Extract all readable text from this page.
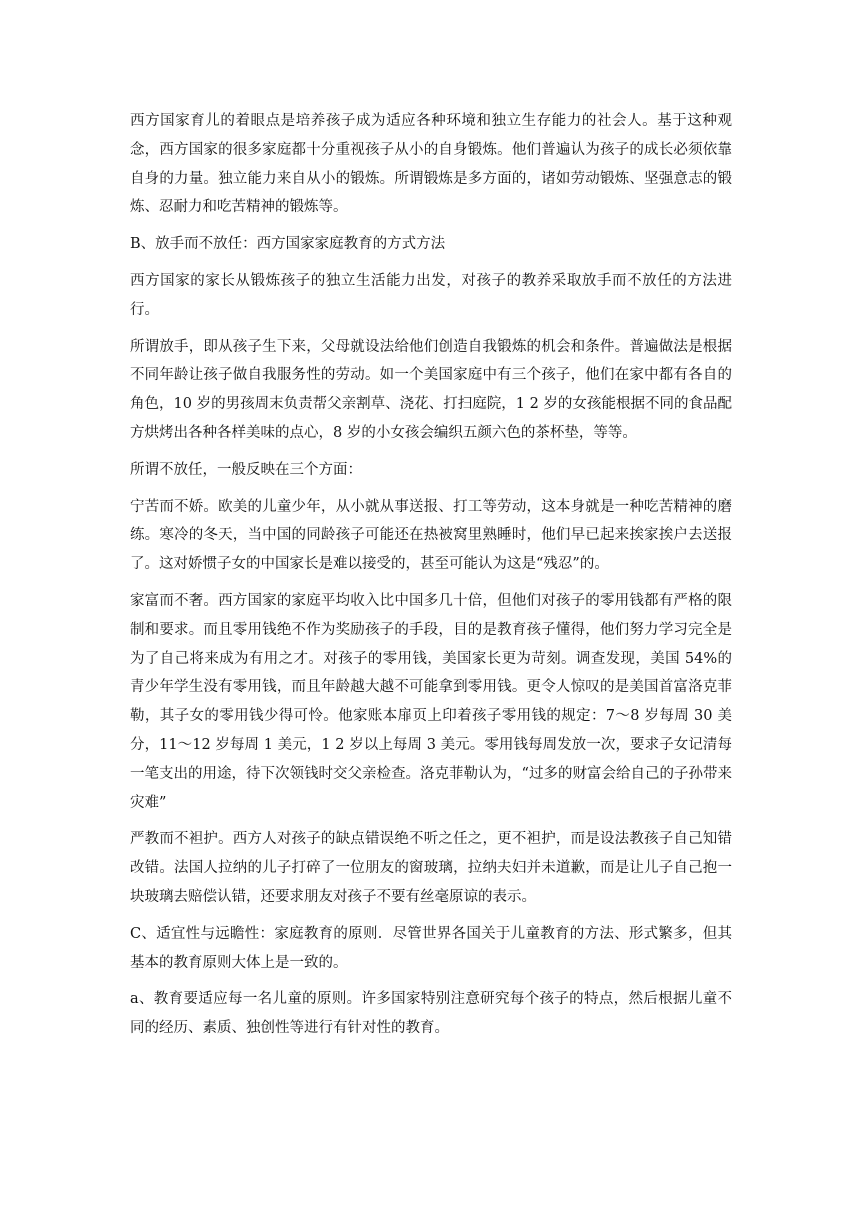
西方国家育儿的着眼点是培养孩子成为适应各种环境和独立生存能力的社会人。基于这种观念，西方国家的很多家庭都十分重视孩子从小的自身锻炼。他们普遍认为孩子的成长必须依靠自身的力量。独立能力来自从小的锻炼。所谓锻炼是多方面的，诸如劳动锻炼、坚强意志的锻炼、忍耐力和吃苦精神的锻炼等。

B、放手而不放任：西方国家家庭教育的方式方法

西方国家的家长从锻炼孩子的独立生活能力出发，对孩子的教养采取放手而不放任的方法进行。

所谓放手，即从孩子生下来，父母就设法给他们创造自我锻炼的机会和条件。普遍做法是根据不同年龄让孩子做自我服务性的劳动。如一个美国家庭中有三个孩子，他们在家中都有各自的角色，10 岁的男孩周末负责帮父亲割草、浇花、打扫庭院，1 2 岁的女孩能根据不同的食品配方烘烤出各种各样美味的点心，8 岁的小女孩会编织五颜六色的茶杯垫，等等。

所谓不放任，一般反映在三个方面：

宁苦而不娇。欧美的儿童少年，从小就从事送报、打工等劳动，这本身就是一种吃苦精神的磨练。寒冷的冬天，当中国的同龄孩子可能还在热被窝里熟睡时，他们早已起来挨家挨户去送报了。这对娇惯子女的中国家长是难以接受的，甚至可能认为这是“残忍”的。

家富而不奢。西方国家的家庭平均收入比中国多几十倍，但他们对孩子的零用钱都有严格的限制和要求。而且零用钱绝不作为奖励孩子的手段，目的是教育孩子懂得，他们努力学习完全是为了自己将来成为有用之才。对孩子的零用钱，美国家长更为苛刻。调查发现，美国 54%的青少年学生没有零用钱，而且年龄越大越不可能拿到零用钱。更令人惊叹的是美国首富洛克菲勒，其子女的零用钱少得可怜。他家账本扉页上印着孩子零用钱的规定：7～8 岁每周 30 美分，11～12 岁每周 1 美元，1 2 岁以上每周 3 美元。零用钱每周发放一次，要求子女记清每一笔支出的用途，待下次领钱时交父亲检查。洛克菲勒认为，“过多的财富会给自己的子孙带来灾难”

严教而不袒护。西方人对孩子的缺点错误绝不听之任之，更不袒护，而是设法教孩子自己知错改错。法国人拉纳的儿子打碎了一位朋友的窗玻璃，拉纳夫妇并未道歉，而是让儿子自己抱一块玻璃去赔偿认错，还要求朋友对孩子不要有丝毫原谅的表示。

C、适宜性与远瞻性：家庭教育的原则．尽管世界各国关于儿童教育的方法、形式繁多，但其基本的教育原则大体上是一致的。

a、教育要适应每一名儿童的原则。许多国家特别注意研究每个孩子的特点，然后根据儿童不同的经历、素质、独创性等进行有针对性的教育。
